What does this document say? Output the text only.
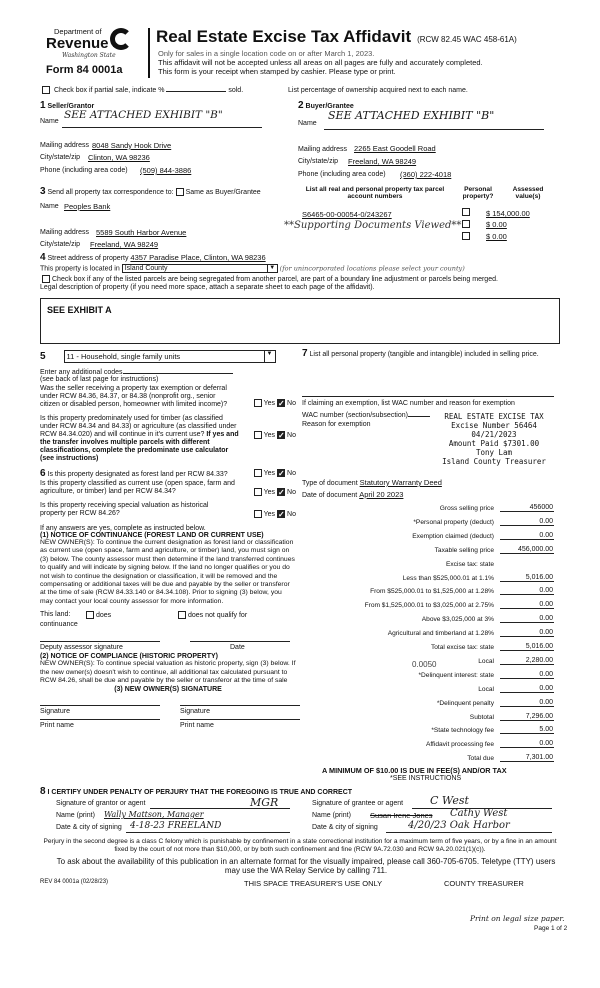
Department of
Revenue
Washington State
Form 84 0001a
Real Estate Excise Tax Affidavit (RCW 82.45 WAC 458-61A)
Only for sales in a single location code on or after March 1, 2023.
This affidavit will not be accepted unless all areas on all pages are fully and accurately completed.
This form is your receipt when stamped by cashier. Please type or print.
Check box if partial sale, indicate %	sold.	List percentage of ownership acquired next to each name.
1 Seller/Grantor
Name
SEE ATTACHED EXHIBIT "B"
Mailing address 8048 Sandy Hook Drive
City/state/zip Clinton, WA 98236
Phone (including area code) (509) 844-3886
2 Buyer/Grantee
Name
SEE ATTACHED EXHIBIT "B"
Mailing address 2265 East Goodell Road
City/state/zip Freeland, WA 98249
Phone (including area code) (360) 222-4018
3 Send all property tax correspondence to: Same as Buyer/Grantee
Name Peoples Bank
Mailing address 5589 South Harbor Avenue
City/state/zip Freeland, WA 98249
List all real and personal property tax parcel account numbers
Personal property?
Assessed value(s)
S6465-00-00054-0/243267	$ 154,000.00
**Supporting Documents Viewed**	$ 0.00
$ 0.00
4 Street address of property 4357 Paradise Place, Clinton, WA 98236
This property is located in Island County	▼ (for unincorporated locations please select your county)
Check box if any of the listed parcels are being segregated from another parcel, are part of a boundary line adjustment or parcels being merged.
Legal description of property (if you need more space, attach a separate sheet to each page of the affidavit).
SEE EXHIBIT A
5	11 - Household, single family units	▼
Enter any additional codes
(see back of last page for instructions)
Was the seller receiving a property tax exemption or deferral under RCW 84.36, 84.37, or 84.38 (nonprofit org., senior citizen or disabled person, homeowner with limited income)?	Yes ✓ No
Is this property predominately used for timber (as classified under RCW 84.34 and 84.33) or agriculture (as classified under RCW 84.34.020) and will continue in it's current use? If yes and the transfer involves multiple parcels with different classifications, complete the predominate use calculator (see instructions)
Yes ✓ No
6 Is this property designated as forest land per RCW 84.33?	Yes ✓ No
Is this property classified as current use (open space, farm and agriculture, or timber) land per RCW 84.34?	Yes ✓ No
Is this property receiving special valuation as historical property per RCW 84.26?	Yes ✓ No
If any answers are yes, complete as instructed below.
(1) NOTICE OF CONTINUANCE (FOREST LAND OR CURRENT USE)
NEW OWNER(S): To continue the current designation as forest land or classification as current use (open space, farm and agriculture, or timber) land, you must sign on (3) below. The county assessor must then determine if the land transferred continues to qualify and will indicate by signing below. If the land no longer qualifies or you do not wish to continue the designation or classification, it will be removed and the compensating or additional taxes will be due and payable by the seller or transferor at the time of sale (RCW 84.33.140 or 84.34.108). Prior to signing (3) below, you may contact your local county assessor for more information.
This land:	does	does not qualify for
continuance
Deputy assessor signature	Date
(2) NOTICE OF COMPLIANCE (HISTORIC PROPERTY)
NEW OWNER(S): To continue special valuation as historic property, sign (3) below. If the new owner(s) doesn't wish to continue, all additional tax calculated pursuant to RCW 84.26, shall be due and payable by the seller or transferor at the time of sale
(3) NEW OWNER(S) SIGNATURE
Signature	Signature
Print name	Print name
7 List all personal property (tangible and intangible) included in selling price.
If claiming an exemption, list WAC number and reason for exemption
WAC number (section/subsection)
Reason for exemption
REAL ESTATE EXCISE TAX
Excise Number 56464
04/21/2023
Amount Paid $7301.00
Tony Lam
Island County Treasurer
Type of document Statutory Warranty Deed
Date of document April 20 2023
Gross selling price	456000
*Personal property (deduct)	0.00
Exemption claimed (deduct)	0.00
Taxable selling price	456,000.00
Excise tax: state
Less than $525,000.01 at 1.1%	5,016.00
From $525,000.01 to $1,525,000 at 1.28%	0.00
From $1,525,000.01 to $3,025,000 at 2.75%	0.00
Above $3,025,000 at 3%	0.00
Agricultural and timberland at 1.28%	0.00
Total excise tax: state	5,016.00
Local	2,280.00
*Delinquent interest: state	0.00
Local	0.00
*Delinquent penalty	0.00
Subtotal	7,296.00
*State technology fee	5.00
Affidavit processing fee	0.00
Total due	7,301.00
0.0050
A MINIMUM OF $10.00 IS DUE IN FEE(S) AND/OR TAX
*SEE INSTRUCTIONS
8 I CERTIFY UNDER PENALTY OF PERJURY THAT THE FOREGOING IS TRUE AND CORRECT
Signature of grantor or agent	MGR
Name (print) Wally Mattson, Manager
Date & city of signing 4-18-23 FREELAND
Signature of grantee or agent C West
Name (print)	Susan Irene Jones Cathy West
Date & city of signing	4/20/23 Oak Harbor
Perjury in the second degree is a class C felony which is punishable by confinement in a state correctional institution for a maximum term of five years, or by a fine in an amount fixed by the court of not more than $10,000, or by both such confinement and fine (RCW 9A.72.030 and RCW 9A.20.021(1)(c)).
To ask about the availability of this publication in an alternate format for the visually impaired, please call 360-705-6705. Teletype (TTY) users may use the WA Relay Service by calling 711.
REV 84 0001a (02/28/23)	THIS SPACE TREASURER'S USE ONLY	COUNTY TREASURER
Print on legal size paper.
Page 1 of 2
